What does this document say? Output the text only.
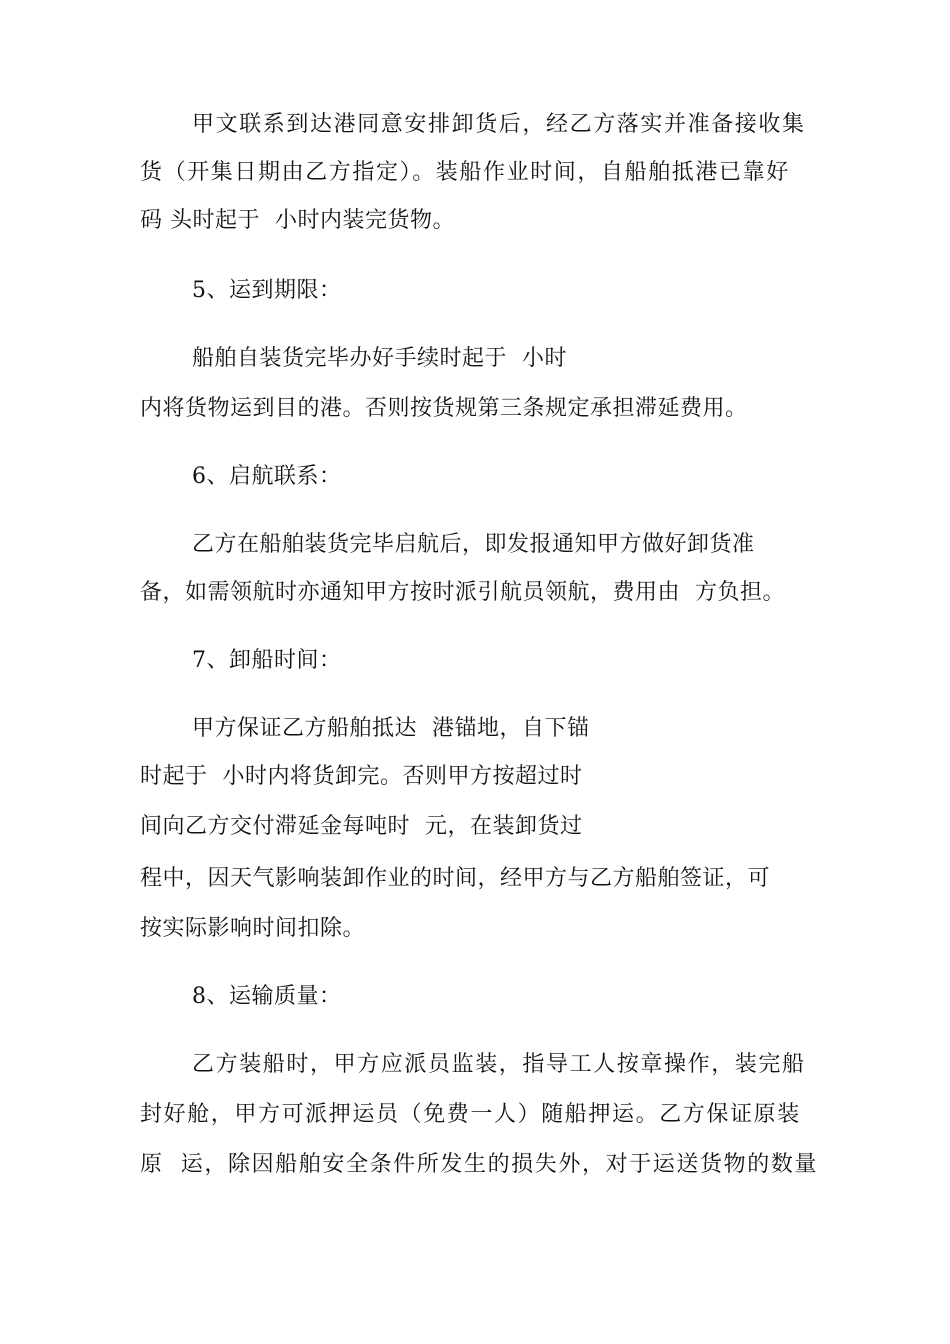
甲文联系到达港同意安排卸货后，经乙方落实并准备接收集
货（开集日期由乙方指定）。装船作业时间，自船舶抵港已靠好
码 头时起于  小时内装完货物。
5、运到期限：
船舶自装货完毕办好手续时起于  小时
内将货物运到目的港。否则按货规第三条规定承担滞延费用。
6、启航联系：
乙方在船舶装货完毕启航后，即发报通知甲方做好卸货准
备，如需领航时亦通知甲方按时派引航员领航，费用由  方负担。
7、卸船时间：
甲方保证乙方船舶抵达  港锚地，自下锚
时起于  小时内将货卸完。否则甲方按超过时
间向乙方交付滞延金每吨时  元，在装卸货过
程中，因天气影响装卸作业的时间，经甲方与乙方船舶签证，可
按实际影响时间扣除。
8、运输质量：
乙方装船时，甲方应派员监装，指导工人按章操作，装完船
封好舱，甲方可派押运员（免费一人）随船押运。乙方保证原装
原  运，除因船舶安全条件所发生的损失外，对于运送货物的数量
